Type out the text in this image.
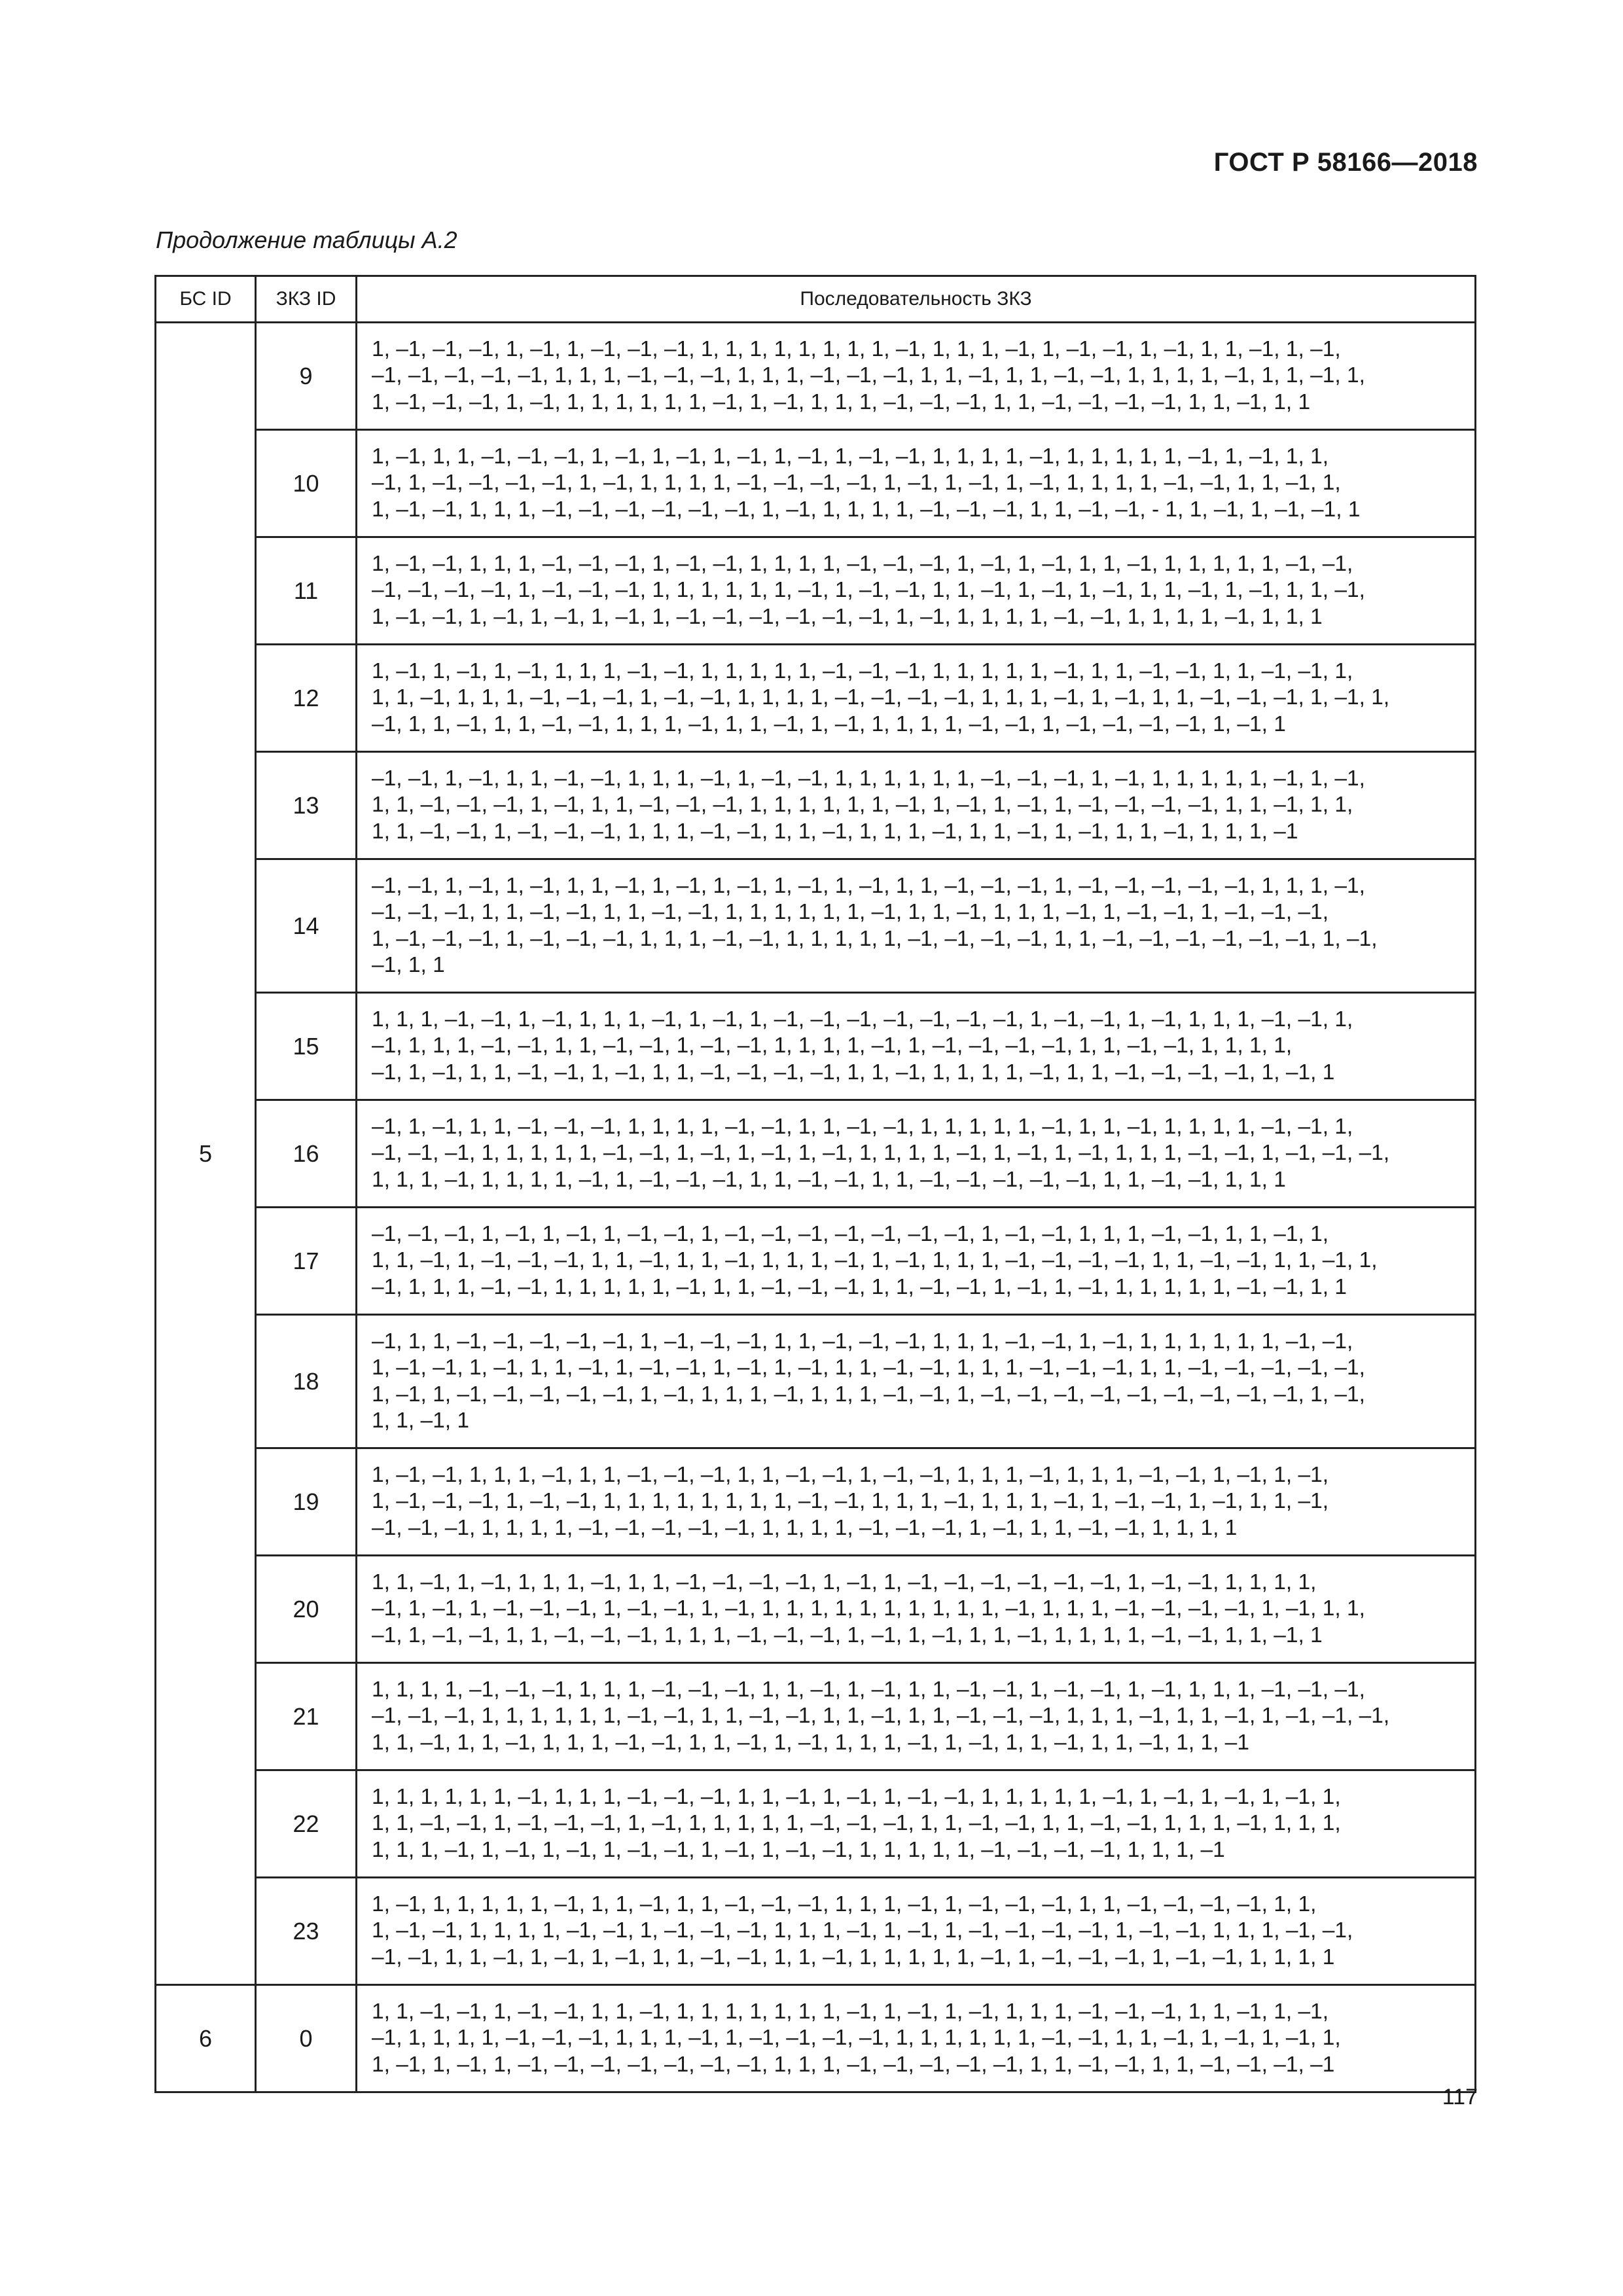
ГОСТ Р 58166—2018
Продолжение таблицы А.2
БС ID	ЗКЗ ID	Последовательность ЗКЗ
5	9	1, –1, –1, –1, 1, –1, 1, –1, –1, –1, 1, 1, 1, 1, 1, 1, 1, 1, –1, 1, 1, 1, –1, 1, –1, –1, 1, –1, 1, 1, –1, 1, –1,
–1, –1, –1, –1, –1, 1, 1, 1, –1, –1, –1, 1, 1, 1, –1, –1, –1, 1, 1, –1, 1, 1, –1, –1, 1, 1, 1, 1, –1, 1, 1, –1, 1,
1, –1, –1, –1, 1, –1, 1, 1, 1, 1, 1, 1, –1, 1, –1, 1, 1, 1, –1, –1, –1, 1, 1, –1, –1, –1, –1, 1, 1, –1, 1, 1
	10	1, –1, 1, 1, –1, –1, –1, 1, –1, 1, –1, 1, –1, 1, –1, 1, –1, –1, 1, 1, 1, 1, –1, 1, 1, 1, 1, 1, –1, 1, –1, 1, 1,
–1, 1, –1, –1, –1, –1, 1, –1, 1, 1, 1, 1, –1, –1, –1, –1, 1, –1, 1, –1, 1, –1, 1, 1, 1, 1, –1, –1, 1, 1, –1, 1,
1, –1, –1, 1, 1, 1, –1, –1, –1, –1, –1, –1, 1, –1, 1, 1, 1, 1, –1, –1, –1, 1, 1, –1, –1, - 1, 1, –1, 1, –1, –1, 1
	11	1, –1, –1, 1, 1, 1, –1, –1, –1, 1, –1, –1, 1, 1, 1, 1, –1, –1, –1, 1, –1, 1, –1, 1, 1, –1, 1, 1, 1, 1, 1, –1, –1,
–1, –1, –1, –1, 1, –1, –1, –1, 1, 1, 1, 1, 1, 1, –1, 1, –1, –1, 1, 1, –1, 1, –1, 1, –1, 1, 1, –1, 1, –1, 1, 1, –1,
1, –1, –1, 1, –1, 1, –1, 1, –1, 1, –1, –1, –1, –1, –1, –1, 1, –1, 1, 1, 1, 1, –1, –1, 1, 1, 1, 1, –1, 1, 1, 1
	12	1, –1, 1, –1, 1, –1, 1, 1, 1, –1, –1, 1, 1, 1, 1, 1, –1, –1, –1, 1, 1, 1, 1, 1, –1, 1, 1, –1, –1, 1, 1, –1, –1, 1,
1, 1, –1, 1, 1, 1, –1, –1, –1, 1, –1, –1, 1, 1, 1, 1, –1, –1, –1, –1, 1, 1, 1, –1, 1, –1, 1, 1, –1, –1, –1, 1, –1, 1,
–1, 1, 1, –1, 1, 1, –1, –1, 1, 1, 1, –1, 1, 1, –1, 1, –1, 1, 1, 1, 1, –1, –1, 1, –1, –1, –1, –1, 1, –1, 1
	13	–1, –1, 1, –1, 1, 1, –1, –1, 1, 1, 1, –1, 1, –1, –1, 1, 1, 1, 1, 1, 1, –1, –1, –1, 1, –1, 1, 1, 1, 1, 1, –1, 1, –1,
1, 1, –1, –1, –1, 1, –1, 1, 1, –1, –1, –1, 1, 1, 1, 1, 1, 1, –1, 1, –1, 1, –1, 1, –1, –1, –1, –1, 1, 1, –1, 1, 1,
1, 1, –1, –1, 1, –1, –1, –1, 1, 1, 1, –1, –1, 1, 1, –1, 1, 1, 1, –1, 1, 1, –1, 1, –1, 1, 1, –1, 1, 1, 1, –1
	14	–1, –1, 1, –1, 1, –1, 1, 1, –1, 1, –1, 1, –1, 1, –1, 1, –1, 1, 1, –1, –1, –1, 1, –1, –1, –1, –1, –1, 1, 1, 1, –1,
–1, –1, –1, 1, 1, –1, –1, 1, 1, –1, –1, 1, 1, 1, 1, 1, 1, –1, 1, 1, –1, 1, 1, 1, –1, 1, –1, –1, 1, –1, –1, –1,
1, –1, –1, –1, 1, –1, –1, –1, 1, 1, 1, –1, –1, 1, 1, 1, 1, 1, –1, –1, –1, –1, 1, 1, –1, –1, –1, –1, –1, –1, 1, –1,
–1, 1, 1
	15	1, 1, 1, –1, –1, 1, –1, 1, 1, 1, –1, 1, –1, 1, –1, –1, –1, –1, –1, –1, –1, 1, –1, –1, 1, –1, 1, 1, 1, –1, –1, 1,
–1, 1, 1, 1, –1, –1, 1, 1, –1, –1, 1, –1, –1, 1, 1, 1, 1, –1, 1, –1, –1, –1, –1, 1, 1, –1, –1, 1, 1, 1, 1,
–1, 1, –1, 1, 1, –1, –1, 1, –1, 1, 1, –1, –1, –1, –1, 1, 1, –1, 1, 1, 1, 1, –1, 1, 1, –1, –1, –1, –1, 1, –1, 1
	16	–1, 1, –1, 1, 1, –1, –1, –1, 1, 1, 1, 1, –1, –1, 1, 1, –1, –1, 1, 1, 1, 1, 1, –1, 1, 1, –1, 1, 1, 1, 1, –1, –1, 1,
–1, –1, –1, 1, 1, 1, 1, 1, –1, –1, 1, –1, 1, –1, 1, –1, 1, 1, 1, 1, –1, 1, –1, 1, –1, 1, 1, 1, –1, –1, 1, –1, –1, –1,
1, 1, 1, –1, 1, 1, 1, 1, –1, 1, –1, –1, –1, 1, 1, –1, –1, 1, 1, –1, –1, –1, –1, –1, 1, 1, –1, –1, 1, 1, 1
	17	–1, –1, –1, 1, –1, 1, –1, 1, –1, –1, 1, –1, –1, –1, –1, –1, –1, –1, 1, –1, –1, 1, 1, 1, –1, –1, 1, 1, –1, 1,
1, 1, –1, 1, –1, –1, –1, 1, 1, –1, 1, 1, –1, 1, 1, 1, –1, 1, –1, 1, 1, 1, –1, –1, –1, –1, 1, 1, –1, –1, 1, 1, –1, 1,
–1, 1, 1, 1, –1, –1, 1, 1, 1, 1, 1, –1, 1, 1, –1, –1, –1, 1, 1, –1, –1, 1, –1, 1, –1, 1, 1, 1, 1, 1, –1, –1, 1, 1
	18	–1, 1, 1, –1, –1, –1, –1, –1, 1, –1, –1, –1, 1, 1, –1, –1, –1, 1, 1, 1, –1, –1, 1, –1, 1, 1, 1, 1, 1, 1, –1, –1,
1, –1, –1, 1, –1, 1, 1, –1, 1, –1, –1, 1, –1, 1, –1, 1, 1, –1, –1, 1, 1, 1, –1, –1, –1, 1, 1, –1, –1, –1, –1, –1,
1, –1, 1, –1, –1, –1, –1, –1, 1, –1, 1, 1, 1, –1, 1, 1, 1, –1, –1, 1, –1, –1, –1, –1, –1, –1, –1, –1, –1, 1, –1,
1, 1, –1, 1
	19	1, –1, –1, 1, 1, 1, –1, 1, 1, –1, –1, –1, 1, 1, –1, –1, 1, –1, –1, 1, 1, 1, –1, 1, 1, 1, –1, –1, 1, –1, 1, –1,
1, –1, –1, –1, 1, –1, –1, 1, 1, 1, 1, 1, 1, 1, 1, –1, –1, 1, 1, 1, –1, 1, 1, 1, –1, 1, –1, –1, 1, –1, 1, 1, –1,
–1, –1, –1, 1, 1, 1, 1, –1, –1, –1, –1, –1, 1, 1, 1, 1, –1, –1, –1, 1, –1, 1, 1, –1, –1, 1, 1, 1, 1
	20	1, 1, –1, 1, –1, 1, 1, 1, –1, 1, 1, –1, –1, –1, –1, 1, –1, 1, –1, –1, –1, –1, –1, –1, 1, –1, –1, 1, 1, 1, 1,
–1, 1, –1, 1, –1, –1, –1, 1, –1, –1, 1, –1, 1, 1, 1, 1, 1, 1, 1, 1, 1, 1, –1, 1, 1, 1, –1, –1, –1, –1, 1, –1, 1, 1,
–1, 1, –1, –1, 1, 1, –1, –1, –1, 1, 1, 1, –1, –1, –1, 1, –1, 1, –1, 1, 1, –1, 1, 1, 1, 1, –1, –1, 1, 1, –1, 1
	21	1, 1, 1, 1, –1, –1, –1, 1, 1, 1, –1, –1, –1, 1, 1, –1, 1, –1, 1, 1, –1, –1, 1, –1, –1, 1, –1, 1, 1, 1, –1, –1, –1,
–1, –1, –1, 1, 1, 1, 1, 1, 1, –1, –1, 1, 1, –1, –1, 1, 1, –1, 1, 1, –1, –1, –1, 1, 1, 1, –1, 1, 1, –1, 1, –1, –1, –1,
1, 1, –1, 1, 1, –1, 1, 1, 1, –1, –1, 1, 1, –1, 1, –1, 1, 1, 1, –1, 1, –1, 1, 1, –1, 1, 1, –1, 1, 1, –1
	22	1, 1, 1, 1, 1, 1, –1, 1, 1, 1, –1, –1, –1, 1, 1, –1, 1, –1, 1, –1, –1, 1, 1, 1, 1, 1, –1, 1, –1, 1, –1, 1, –1, 1,
1, 1, –1, –1, 1, –1, –1, –1, 1, –1, 1, 1, 1, 1, 1, –1, –1, –1, 1, 1, –1, –1, 1, 1, –1, –1, 1, 1, 1, –1, 1, 1, 1,
1, 1, 1, –1, 1, –1, 1, –1, 1, –1, –1, 1, –1, 1, –1, –1, 1, 1, 1, 1, 1, –1, –1, –1, –1, 1, 1, 1, –1
	23	1, –1, 1, 1, 1, 1, 1, –1, 1, 1, –1, 1, 1, –1, –1, –1, 1, 1, 1, –1, 1, –1, –1, –1, 1, 1, –1, –1, –1, –1, 1, 1,
1, –1, –1, 1, 1, 1, 1, –1, –1, 1, –1, –1, –1, 1, 1, 1, –1, 1, –1, 1, –1, –1, –1, –1, 1, –1, –1, 1, 1, 1, –1, –1,
–1, –1, 1, 1, –1, 1, –1, 1, –1, 1, 1, –1, –1, 1, 1, –1, 1, 1, 1, 1, 1, –1, 1, –1, –1, –1, 1, –1, –1, 1, 1, 1, 1
6	0	1, 1, –1, –1, 1, –1, –1, 1, 1, –1, 1, 1, 1, 1, 1, 1, 1, –1, 1, –1, 1, –1, 1, 1, 1, –1, –1, –1, 1, 1, –1, 1, –1,
–1, 1, 1, 1, 1, –1, –1, –1, 1, 1, 1, –1, 1, –1, –1, –1, –1, 1, 1, 1, 1, 1, 1, –1, –1, 1, 1, –1, 1, –1, 1, –1, 1,
1, –1, 1, –1, 1, –1, –1, –1, –1, –1, –1, –1, 1, 1, 1, –1, –1, –1, –1, –1, 1, 1, –1, –1, 1, 1, –1, –1, –1, –1
117
